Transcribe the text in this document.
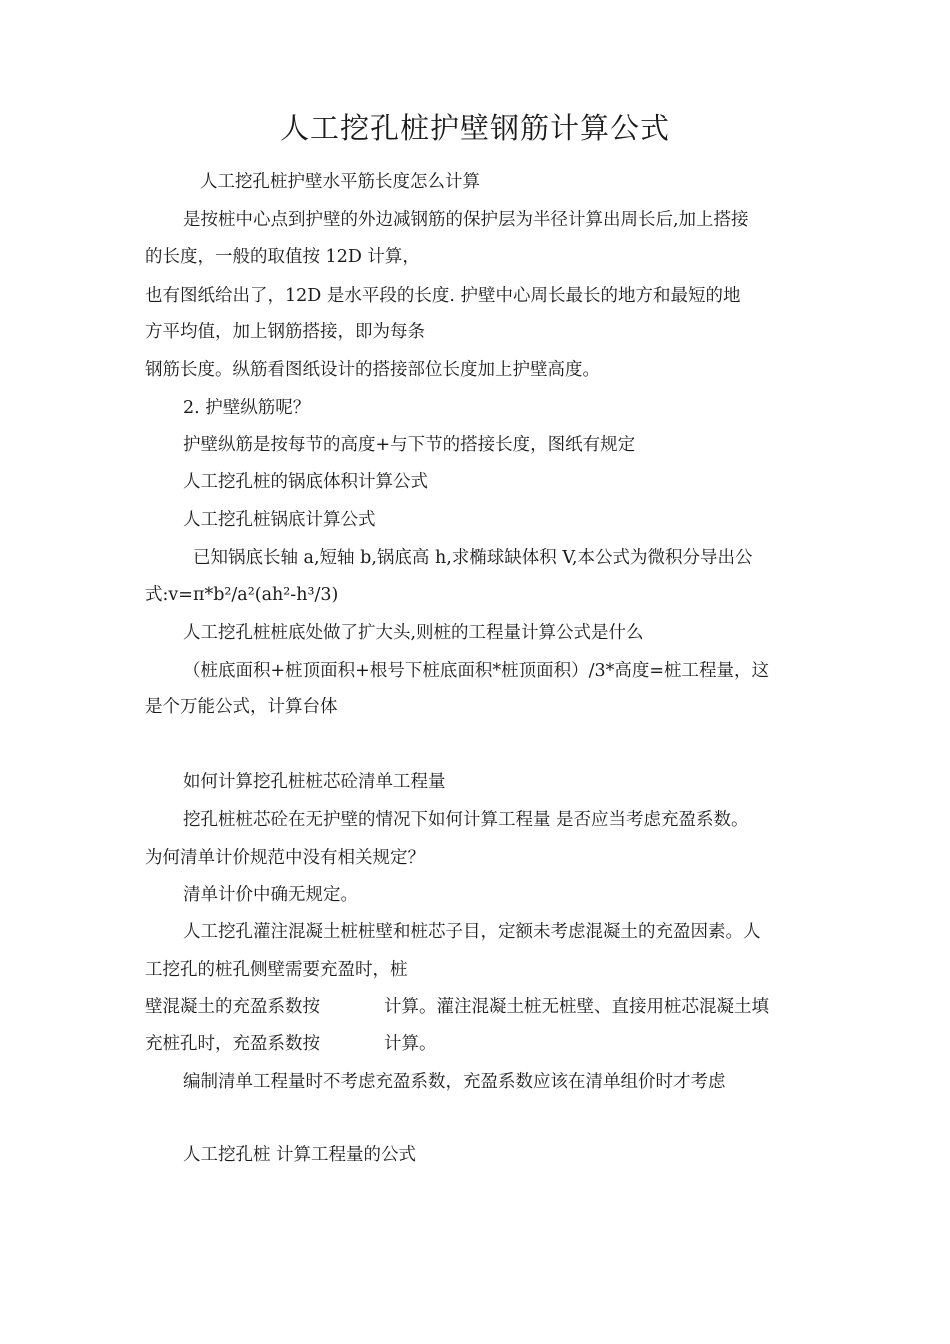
人工挖孔桩护壁钢筋计算公式
人工挖孔桩护壁水平筋长度怎么计算
是按桩中心点到护壁的外边减钢筋的保护层为半径计算出周长后,加上搭接
的长度，一般的取值按 12D 计算，
也有图纸给出了，12D 是水平段的长度. 护壁中心周长最长的地方和最短的地
方平均值，加上钢筋搭接，即为每条
钢筋长度。纵筋看图纸设计的搭接部位长度加上护壁高度。
2. 护壁纵筋呢？
护壁纵筋是按每节的高度+与下节的搭接长度，图纸有规定
人工挖孔桩的锅底体积计算公式
人工挖孔桩锅底计算公式
已知锅底长轴 a,短轴 b,锅底高 h,求椭球缺体积 V,本公式为微积分导出公
式:v=π*b²/a²(ah²-h³/3)
人工挖孔桩桩底处做了扩大头,则桩的工程量计算公式是什么
（桩底面积+桩顶面积+根号下桩底面积*桩顶面积）/3*高度=桩工程量，这
是个万能公式，计算台体
如何计算挖孔桩桩芯砼清单工程量
挖孔桩桩芯砼在无护壁的情况下如何计算工程量 是否应当考虑充盈系数。
为何清单计价规范中没有相关规定？
清单计价中确无规定。
人工挖孔灌注混凝土桩桩壁和桩芯子目，定额未考虑混凝土的充盈因素。人
工挖孔的桩孔侧壁需要充盈时，桩
壁混凝土的充盈系数按	计算。灌注混凝土桩无桩壁、直接用桩芯混凝土填
充桩孔时，充盈系数按	计算。
编制清单工程量时不考虑充盈系数，充盈系数应该在清单组价时才考虑
人工挖孔桩 计算工程量的公式
